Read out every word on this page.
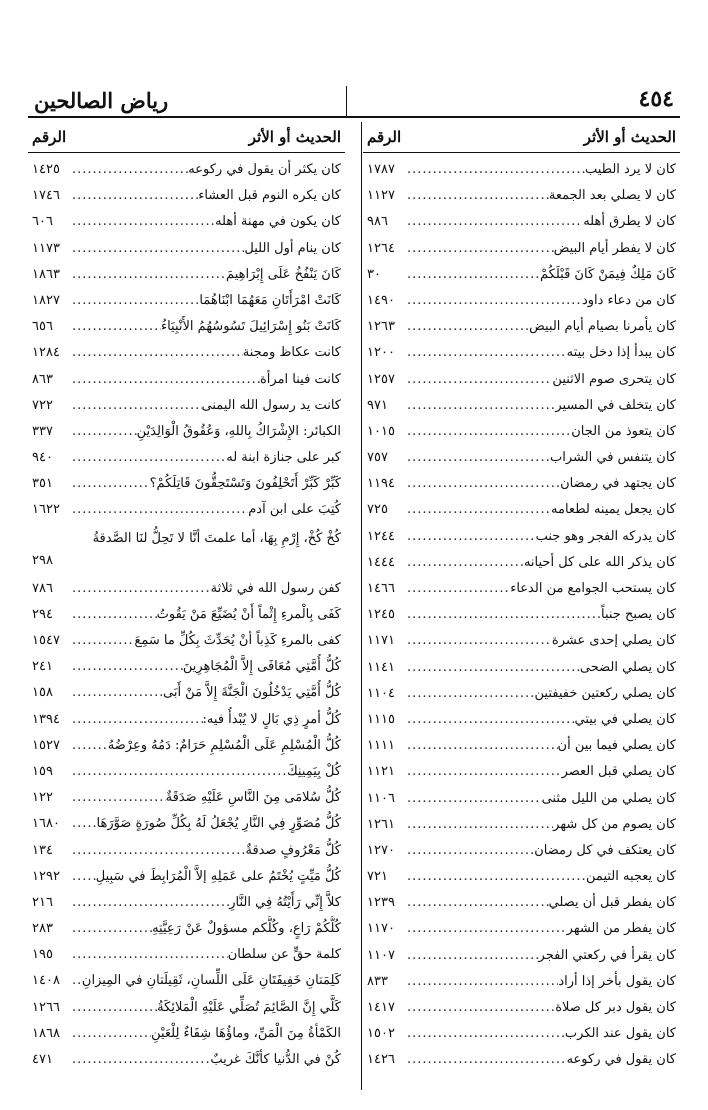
رياض الصالحين	٤٥٤
الحديث أو الأثر
الرقم
كان لا يرد الطيب
.....
١٧٨٧
كان لا يصلي بعد الجمعة
.....
١١٢٧
كان لا يطرق أهله
.....
٩٨٦
كان لا يفطر أيام البيض
.....
١٢٦٤
كَانَ مَلِكٌ فِيمَنْ كَانَ قَبْلَكُمْ
.....
٣٠
كان من دعاء داود
.....
١٤٩٠
كان يأمرنا بصيام أيام البيض
.....
١٢٦٣
كان يبدأ إذا دخل بيته
.....
١٢٠٠
كان يتحرى صوم الاثنين
.....
١٢٥٧
كان يتخلف في المسير
.....
٩٧١
كان يتعوذ من الجان
.....
١٠١٥
كان يتنفس في الشراب
.....
٧٥٧
كان يجتهد في رمضان
.....
١١٩٤
كان يجعل يمينه لطعامه
.....
٧٢٥
كان يدركه الفجر وهو جنب
.....
١٢٤٤
كان يذكر الله على كل أحيانه
.....
١٤٤٤
كان يستحب الجوامع من الدعاء
.....
١٤٦٦
كان يصبح جنباً
.....
١٢٤٥
كان يصلي إحدى عشرة
.....
١١٧١
كان يصلي الضحى
.....
١١٤١
كان يصلي ركعتين خفيفتين
.....
١١٠٤
كان يصلي في بيتي
.....
١١١٥
كان يصلي فيما بين أن
.....
١١١١
كان يصلي قبل العصر
.....
١١٢١
كان يصلي من الليل مثنى
.....
١١٠٦
كان يصوم من كل شهر
.....
١٢٦١
كان يعتكف في كل رمضان
.....
١٢٧٠
كان يعجبه التيمن
.....
٧٢١
كان يفطر قبل أن يصلي
.....
١٢٣٩
كان يفطر من الشهر
.....
١١٧٠
كان يقرأ في ركعتي الفجر
.....
١١٠٧
كان يقول بأخر إذا أراد
.....
٨٣٣
كان يقول دبر كل صلاة
.....
١٤١٧
كان يقول عند الكرب
.....
١٥٠٢
كان يقول في ركوعه
.....
١٤٢٦
الحديث أو الأثر
الرقم
كان يكثر أن يقول في ركوعه
.....
١٤٢٥
كان يكره النوم قبل العشاء
.....
١٧٤٦
كان يكون في مهنة أهله
.....
٦٠٦
كان ينام أول الليل
.....
١١٧٣
كَانَ يَنْفُخُ عَلَى إِبْرَاهِيمَ
.....
١٨٦٣
كَانَتْ امْرَأَتَانِ مَعَهُمَا ابْنَاهُمَا
.....
١٨٢٧
كَانَتْ بَنُو إِسْرَائِيلَ تَسُوسُهُمُ الأَنْبِيَاءُ
.....
٦٥٦
كانت عكاظ ومجنة
.....
١٢٨٤
كانت فينا امرأة
.....
٨٦٣
كانت يد رسول الله اليمنى
.....
٧٢٢
الكبائر: الإِشْرَاكُ بِاللهِ، وَعُقُوقُ الْوَالِدَيْنِ
.....
٣٣٧
كبر على جنازة ابنة له
.....
٩٤٠
كَبِّرْ كَبِّرْ أَتَحْلِفُونَ وَتَسْتَحِقُّونَ قَاتِلَكُمْ؟
.....
٣٥١
كُتِبَ على ابن آدم
.....
١٦٢٢
كُخْ كُخْ، إِرْمِ بِهَا، أما علمتَ أنَّا لا تَحِلُّ لنَا الصَّدقةُ
٢٩٨
كفن رسول الله في ثلاثة
.....
٧٨٦
كَفَى بِالْمرءِ إِثْماً أَنْ يُضَيِّعَ مَنْ يَقُوتُ
.....
٢٩٤
كفى بالمرءِ كَذِباً أنْ يُحَدِّثَ بِكُلِّ ما سَمِعَ
.....
١٥٤٧
كُلُّ أُمَّتِي مُعَافَى إِلاَّ الْمُجَاهِرِينَ
.....
٢٤١
كُلُّ أُمَّتِي يَدْخُلُونَ الْجَنَّةَ إِلاَّ مَنْ أَبَى
.....
١٥٨
كُلُّ أمرٍ ذِي بَالٍ لا يُبْدأُ فيه:
.....
١٣٩٤
كُلُّ الْمُسْلِمِ عَلَى الْمُسْلِمِ حَرَامٌ: دَمُهُ وعِرْضُهُ
.....
١٥٢٧
كُلْ بِيَمِينِكَ
.....
١٥٩
كُلُّ سُلامَى مِنَ النَّاسِ عَلَيْهِ صَدَقَةٌ
.....
١٢٢
كُلُّ مُصَوِّرٍ فِي النَّارِ يُجْعَلُ لَهُ بِكُلِّ صُورَةٍ صَوَّرَهَا
.....
١٦٨٠
كُلُّ مَعْرُوفٍ صدقةٌ
.....
١٣٤
كُلُّ مَيِّتٍ يُخْتَمُ على عَمَلِهِ إلاَّ الْمُرَابِطَ في سَبِيلِ
.....
١٢٩٢
كلاَّ إِنِّي رَأَيْتُهُ فِي النَّارِ
.....
٢١٦
كُلُّكُمْ رَاعٍ، وكُلُّكم مسؤولٌ عَنْ رَعِيَّتِهِ
.....
٢٨٣
كلمة حقٍّ عن سلطان
.....
١٩٥
كَلِمَتانِ خَفِيفَتَانِ عَلَى اللِّسانِ، ثَقِيلَتانِ في المِيزانِ
.....
١٤٠٨
كَلَّي إِنَّ الصَّائِمَ تُصَلِّي عَلَيْهِ الْمَلائِكَةُ
.....
١٢٦٦
الكَمْأةُ مِنَ الْمَنِّ، وماؤُهَا شِفَاءٌ لِلْعَيْنِ
.....
١٨٦٨
كُنْ في الدُّنيا كأنَّكَ غريبٌ
.....
٤٧١
